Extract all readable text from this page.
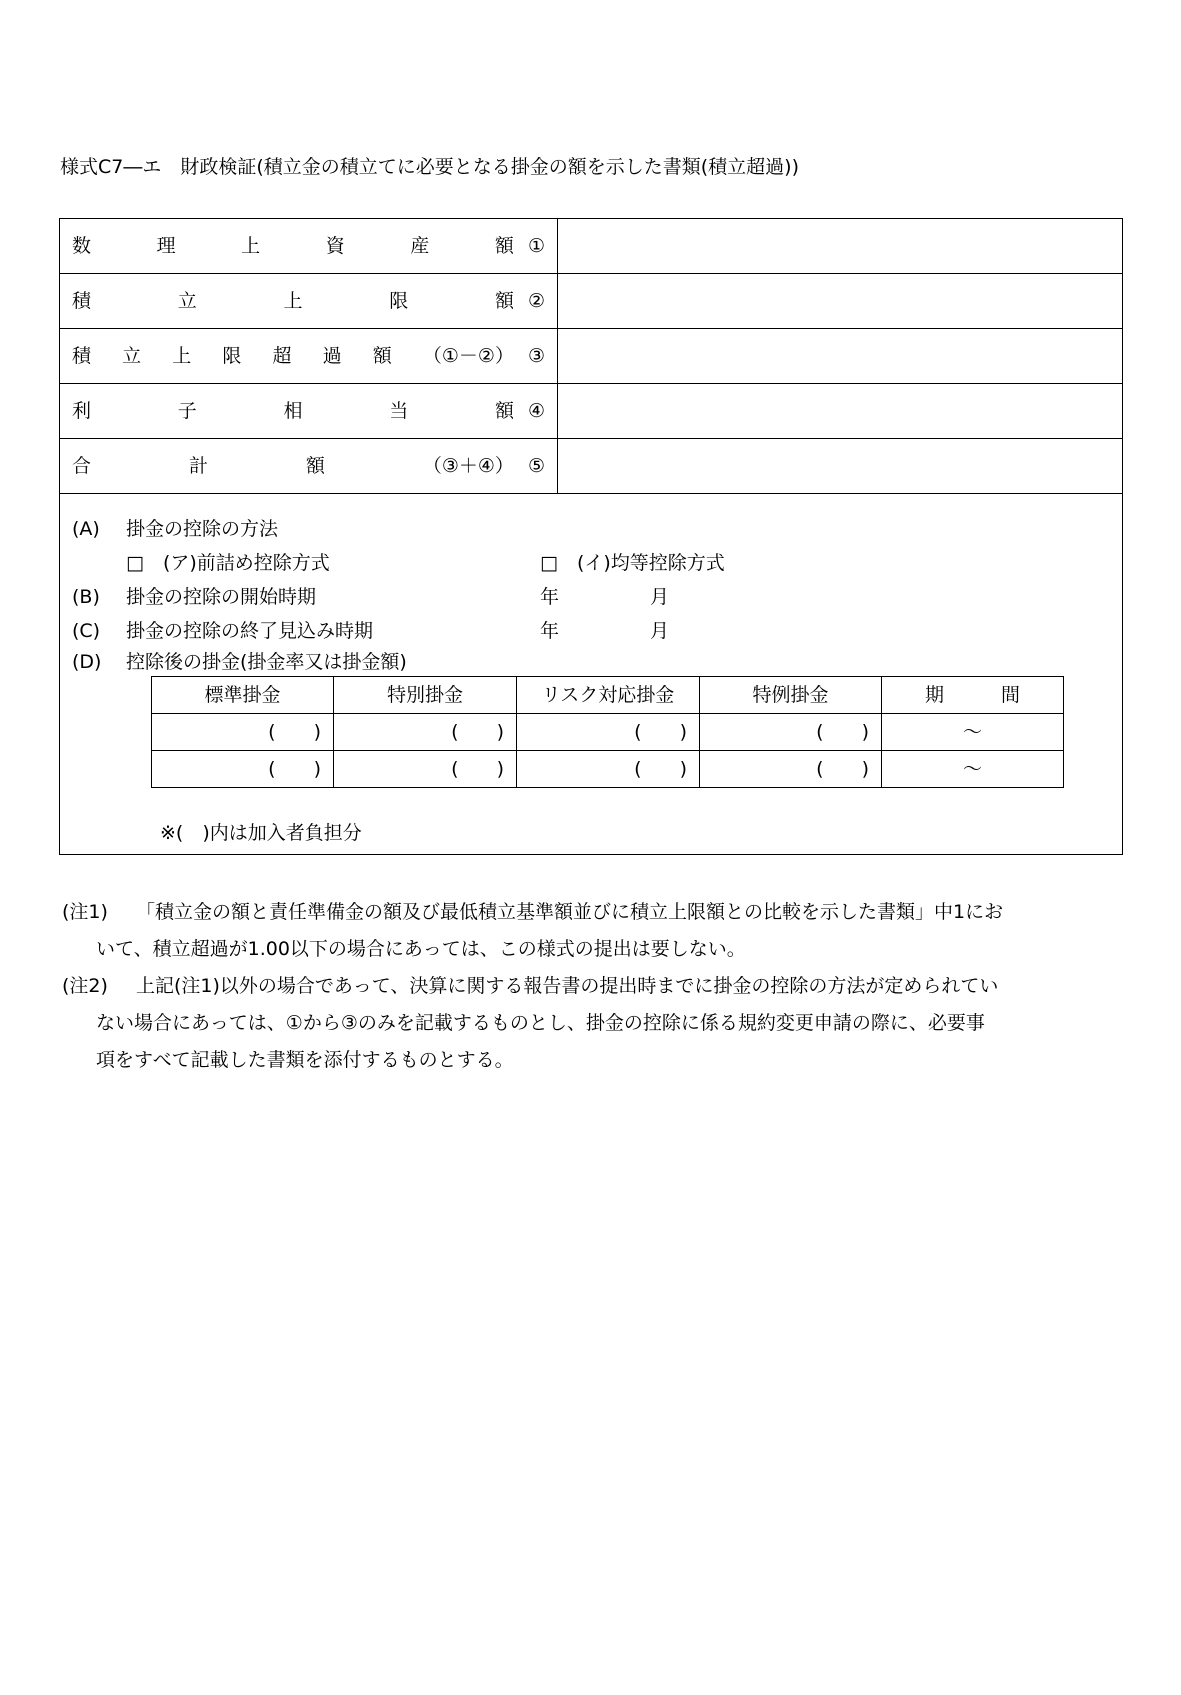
様式C7―エ　財政検証(積立金の積立てに必要となる掛金の額を示した書類(積立超過))
数	理	上	資	産	額 ①
積	立	上	限	額 ②
積 立 上 限 超 過 額 （①－②） ③
利	子	相	当	額 ④
合	計	額	（③＋④） ⑤
(A) 掛金の控除の方法
□　 (ア)前詰め控除方式	□　 (イ)均等控除方式
(B) 掛金の控除の開始時期	年	月
(C) 掛金の控除の終了見込み時期	年	月
(D) 控除後の掛金(掛金率又は掛金額)
標準掛金	特別掛金	リスク対応掛金	特例掛金	期　　　間
(　　)	(　　)	(　　)	(　　)	～
(　　)	(　　)	(　　)	(　　)	～
※(　)内は加入者負担分
(注1) 「積立金の額と責任準備金の額及び最低積立基準額並びに積立上限額との比較を示した書類」中1にお
いて、積立超過が1.00以下の場合にあっては、この様式の提出は要しない。
(注2) 上記(注1)以外の場合であって、決算に関する報告書の提出時までに掛金の控除の方法が定められてい
ない場合にあっては、①から③のみを記載するものとし、掛金の控除に係る規約変更申請の際に、必要事
項をすべて記載した書類を添付するものとする。
